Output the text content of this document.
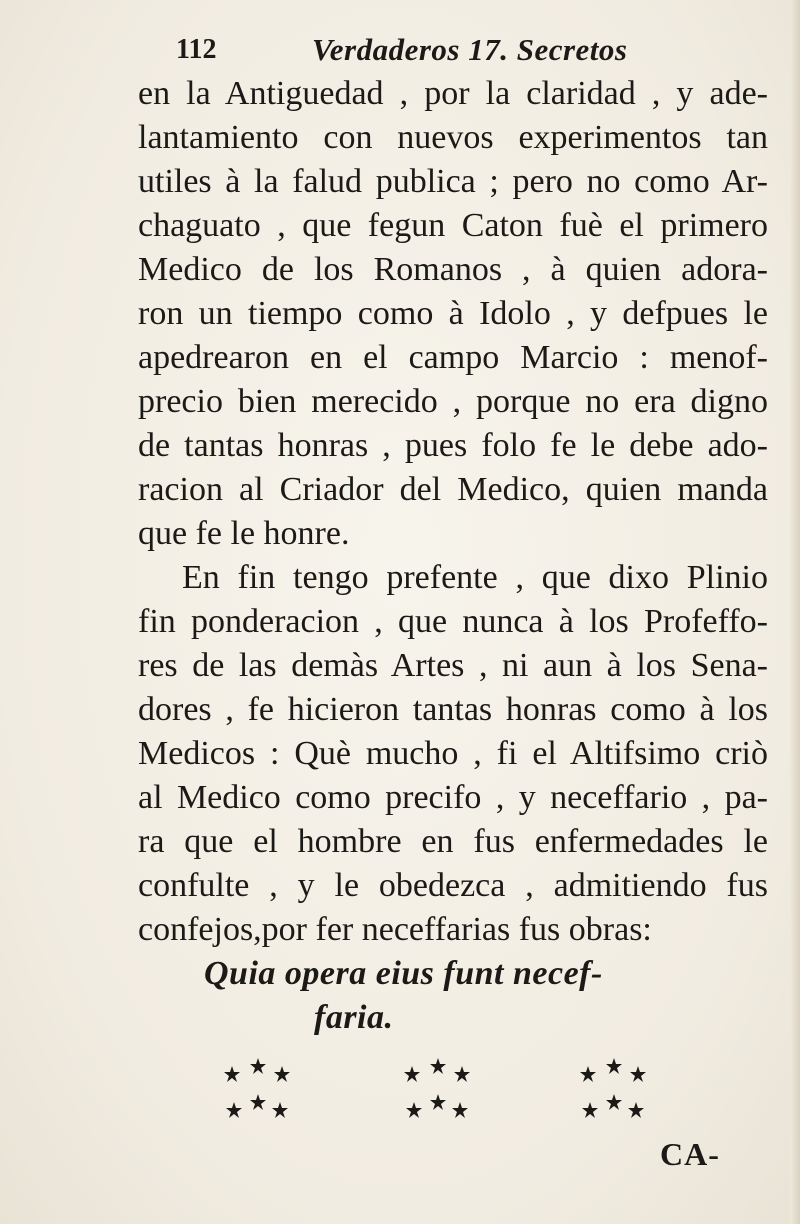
112	Verdaderos 17. Secretos
en la Antiguedad , por la claridad , y ade-
lantamiento con nuevos experimentos tan
utiles à la falud publica ; pero no como Ar-
chaguato , que fegun Caton fuè el primero
Medico de los Romanos , à quien adora-
ron un tiempo como à Idolo , y defpues le
apedrearon en el campo Marcio : menof-
precio bien merecido , porque no era digno
de tantas honras , pues folo fe le debe ado-
racion al Criador del Medico, quien manda
que fe le honre.
En fin tengo prefente , que dixo Plinio
fin ponderacion , que nunca à los Profeffo-
res de las demàs Artes , ni aun à los Sena-
dores , fe hicieron tantas honras como à los
Medicos : Què mucho , fi el Altifsimo criò
al Medico como precifo , y neceffario , pa-
ra que el hombre en fus enfermedades le
confulte , y le obedezca , admitiendo fus
confejos,por fer neceffarias fus obras:
Quia opera eius funt necef-
faria.
CA-
